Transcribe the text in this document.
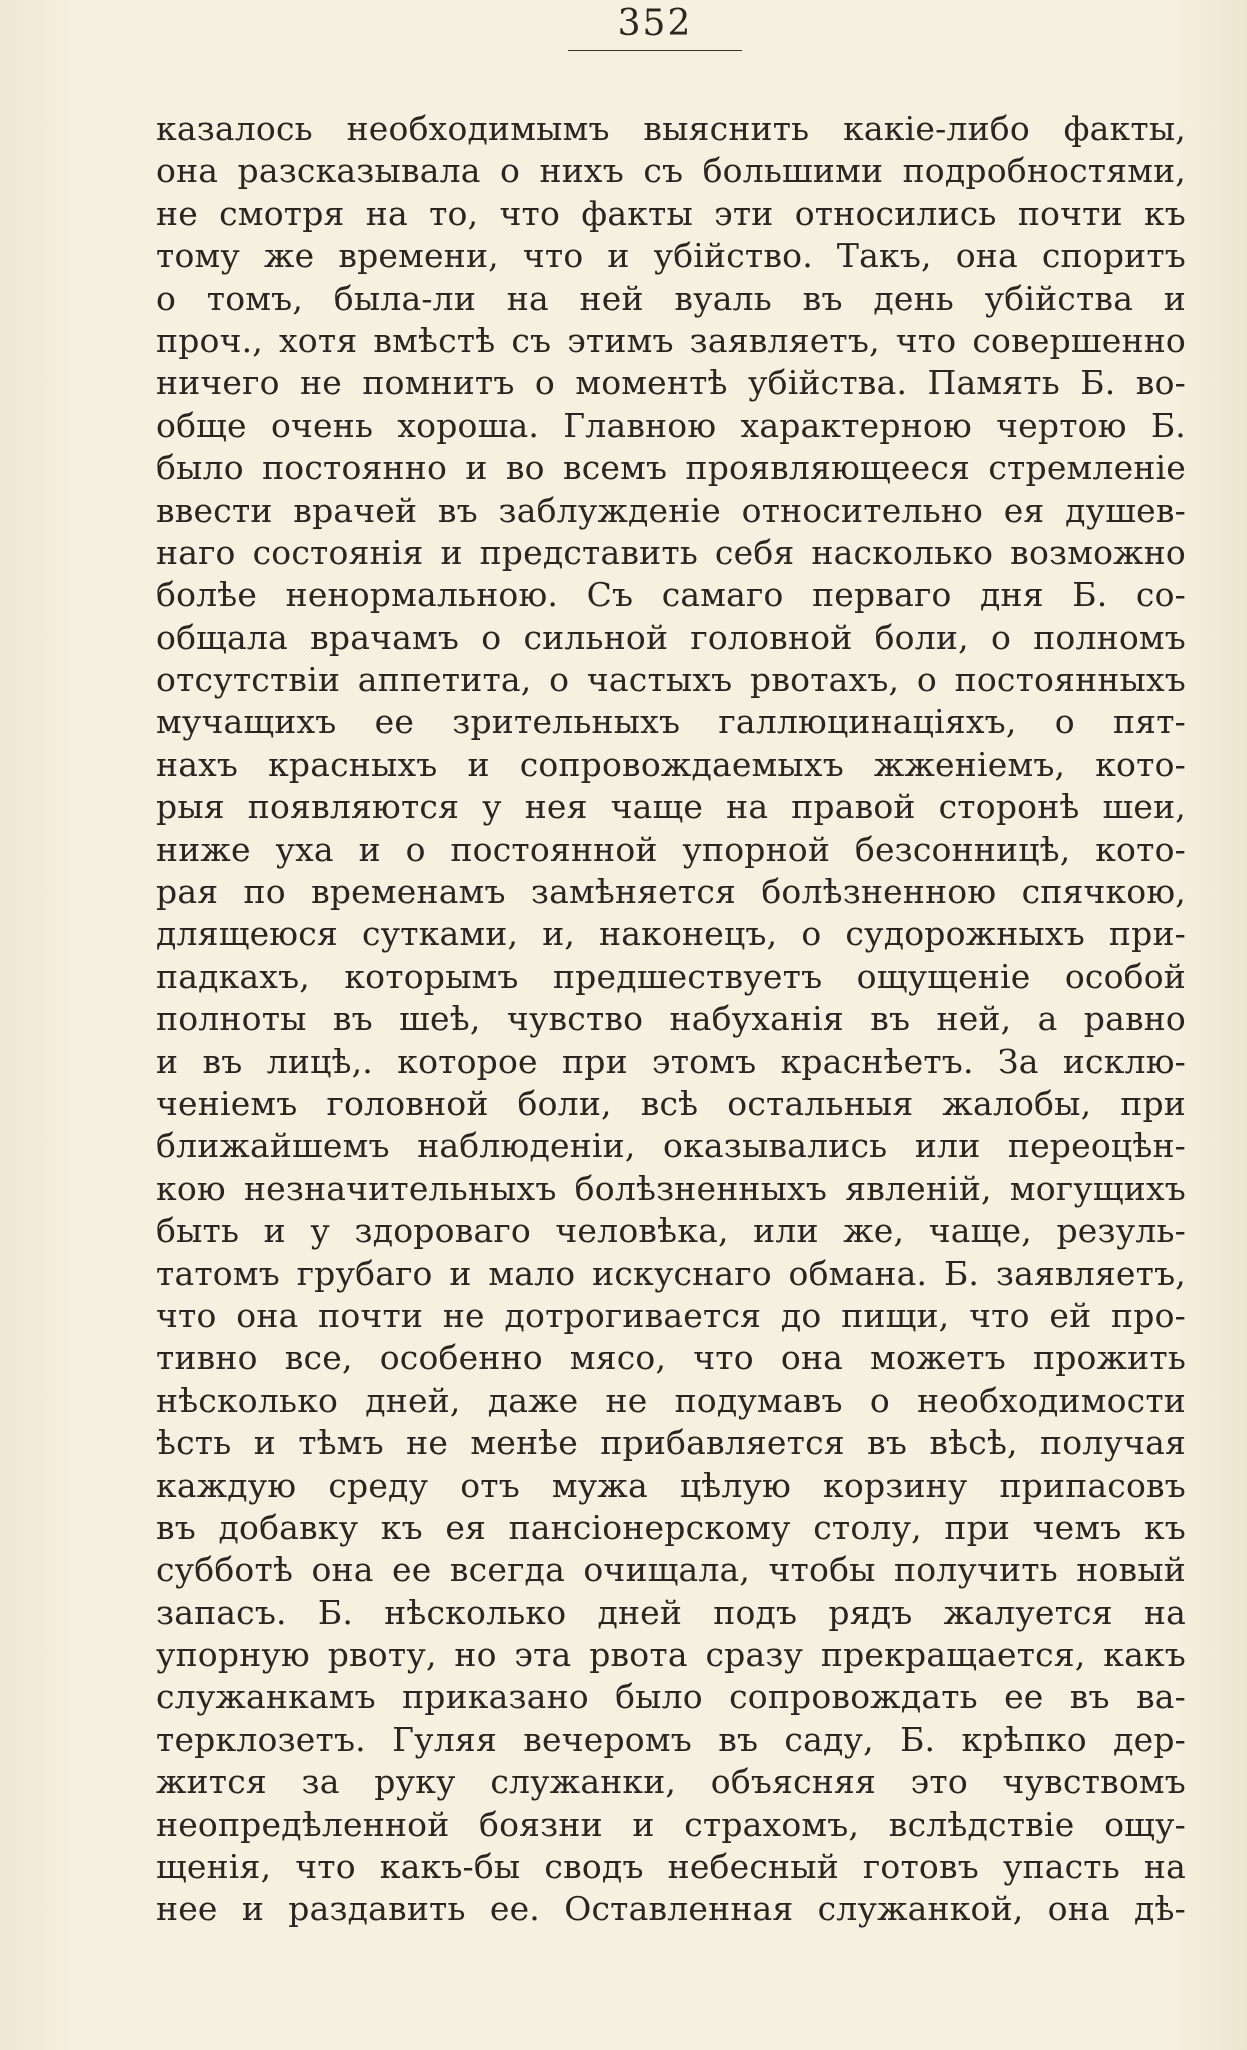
352
казалось необходимымъ выяснить какіе-либо факты,
она разсказывала о нихъ съ большими подробностями,
не смотря на то, что факты эти относились почти къ
тому же времени, что и убійство. Такъ, она споритъ
о томъ, была-ли на ней вуаль въ день убійства и
проч., хотя вмѣстѣ съ этимъ заявляетъ, что совершенно
ничего не помнитъ о моментѣ убійства. Память Б. во-
обще очень хороша. Главною характерною чертою Б.
было постоянно и во всемъ проявляющееся стремленіе
ввести врачей въ заблужденіе относительно ея душев-
наго состоянія и представить себя насколько возможно
болѣе ненормальною. Съ самаго перваго дня Б. со-
общала врачамъ о сильной головной боли, о полномъ
отсутствіи аппетита, о частыхъ рвотахъ, о постоянныхъ
мучащихъ ее зрительныхъ галлюцинаціяхъ, о пят-
нахъ красныхъ и сопровождаемыхъ жженіемъ, кото-
рыя появляются у нея чаще на правой сторонѣ шеи,
ниже уха и о постоянной упорной безсонницѣ, кото-
рая по временамъ замѣняется болѣзненною спячкою,
длящеюся сутками, и, наконецъ, о судорожныхъ при-
падкахъ, которымъ предшествуетъ ощущеніе особой
полноты въ шеѣ, чувство набуханія въ ней, а равно
и въ лицѣ,. которое при этомъ краснѣетъ. За исклю-
ченіемъ головной боли, всѣ остальныя жалобы, при
ближайшемъ наблюденіи, оказывались или переоцѣн-
кою незначительныхъ болѣзненныхъ явленій, могущихъ
быть и у здороваго человѣка, или же, чаще, резуль-
татомъ грубаго и мало искуснаго обмана. Б. заявляетъ,
что она почти не дотрогивается до пищи, что ей про-
тивно все, особенно мясо, что она можетъ прожить
нѣсколько дней, даже не подумавъ о необходимости
ѣсть и тѣмъ не менѣе прибавляется въ вѣсѣ, получая
каждую среду отъ мужа цѣлую корзину припасовъ
въ добавку къ ея пансіонерскому столу, при чемъ къ
субботѣ она ее всегда очищала, чтобы получить новый
запасъ. Б. нѣсколько дней подъ рядъ жалуется на
упорную рвоту, но эта рвота сразу прекращается, какъ
служанкамъ приказано было сопровождать ее въ ва-
терклозетъ. Гуляя вечеромъ въ саду, Б. крѣпко дер-
жится за руку служанки, объясняя это чувствомъ
неопредѣленной боязни и страхомъ, вслѣдствіе ощу-
щенія, что какъ-бы сводъ небесный готовъ упасть на
нее и раздавить ее. Оставленная служанкой, она дѣ-
